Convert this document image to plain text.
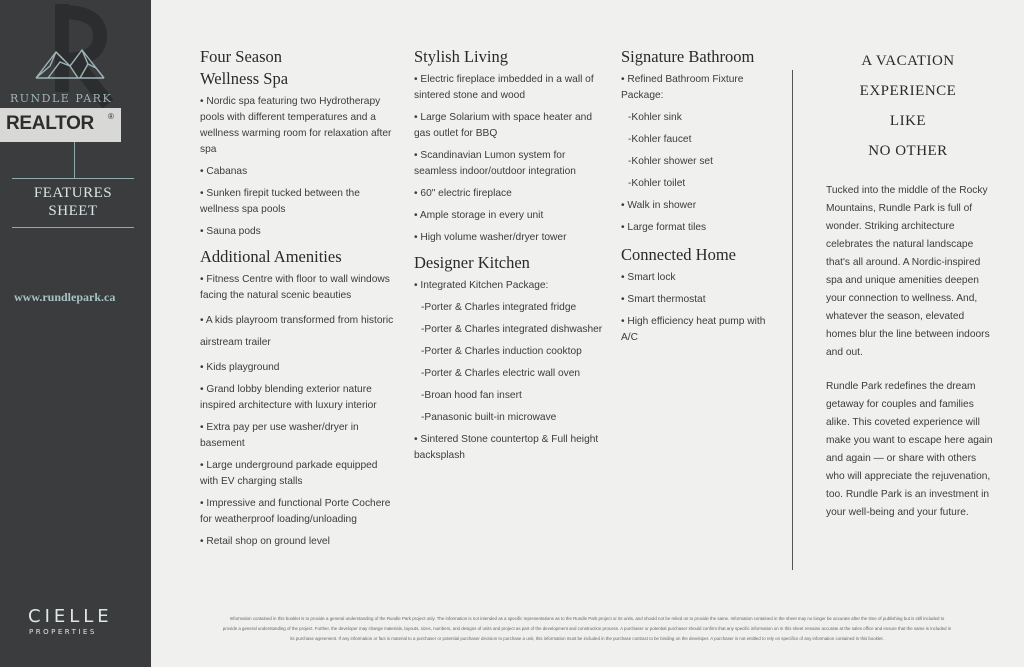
RUNDLE PARK
REALTOR ®
FEATURES
SHEET
www.rundlepark.ca
CIELLE
PROPERTIES
Four Season
Wellness Spa
• Nordic spa featuring two Hydrotherapy pools with different temperatures and a wellness warming room for relaxation after spa
• Cabanas
• Sunken firepit tucked between the wellness spa pools
• Sauna pods
Additional Amenities
• Fitness Centre with floor to wall windows facing the natural scenic beauties
• A kids playroom transformed from historic airstream trailer
• Kids playground
• Grand lobby blending exterior nature inspired architecture with luxury interior
• Extra pay per use washer/dryer in basement
• Large underground parkade equipped with EV charging stalls
• Impressive and functional Porte Cochere for weatherproof loading/unloading
• Retail shop on ground level
Stylish Living
• Electric fireplace imbedded in a wall of sintered stone and wood
• Large Solarium with space heater and gas outlet for BBQ
• Scandinavian Lumon system for seamless indoor/outdoor integration
• 60" electric fireplace
• Ample storage in every unit
• High volume washer/dryer tower
Designer Kitchen
• Integrated Kitchen Package:
-Porter & Charles integrated fridge
-Porter & Charles integrated dishwasher
-Porter & Charles induction cooktop
-Porter & Charles electric wall oven
-Broan hood fan insert
-Panasonic built-in microwave
• Sintered Stone countertop & Full height backsplash
Signature Bathroom
• Refined Bathroom Fixture Package:
-Kohler sink
-Kohler faucet
-Kohler shower set
-Kohler toilet
• Walk in shower
• Large format tiles
Connected Home
• Smart lock
• Smart thermostat
• High efficiency heat pump with A/C
A VACATION
EXPERIENCE
LIKE
NO OTHER
Tucked into the middle of the Rocky Mountains, Rundle Park is full of wonder. Striking architecture celebrates the natural landscape that's all around. A Nordic-inspired spa and unique amenities deepen your connection to wellness. And, whatever the season, elevated homes blur the line between indoors and out.
Rundle Park redefines the dream getaway for couples and families alike. This coveted experience will make you want to escape here again and again — or share with others who will appreciate the rejuvenation, too. Rundle Park is an investment in your well-being and your future.
Information contained in this booklet is to provide a general understanding of the Rundle Park project only. The information is not intended as a specific representations as to the Rundle Park project or its units, and should not be relied on to provide the same. Information contained in the sheet may no longer be accurate after the time of publishing but is still included to provide a general understanding of the project. Further, the developer may change materials, layouts, sizes, numbers, and designs of units and project as part of the development and construction process. A purchaser or potential purchaser should confirm that any specific information on in this sheet remains accurate at the sales office and ensure that the same is included in its purchase agreement. If any information or fact is material to a purchaser or potential purchaser decision to purchase a unit, this information must be included in the purchase contract to be binding on the developer. A purchaser is not entitled to rely on specifics of any information contained in this booklet.
